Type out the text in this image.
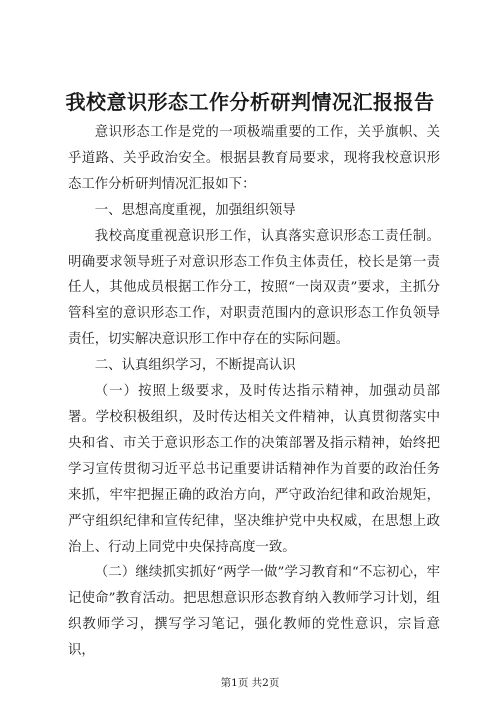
我校意识形态工作分析研判情况汇报报告

意识形态工作是党的一项极端重要的工作，关乎旗帜、关乎道路、关乎政治安全。根据县教育局要求，现将我校意识形态工作分析研判情况汇报如下：

一、思想高度重视，加强组织领导

我校高度重视意识形工作，认真落实意识形态工责任制。明确要求领导班子对意识形态工作负主体责任，校长是第一责任人，其他成员根据工作分工，按照“一岗双责”要求，主抓分管科室的意识形态工作，对职责范围内的意识形态工作负领导责任，切实解决意识形工作中存在的实际问题。

二、认真组织学习，不断提高认识

（一）按照上级要求，及时传达指示精神，加强动员部署。学校积极组织，及时传达相关文件精神，认真贯彻落实中央和省、市关于意识形态工作的决策部署及指示精神，始终把学习宣传贯彻习近平总书记重要讲话精神作为首要的政治任务来抓，牢牢把握正确的政治方向，严守政治纪律和政治规矩，严守组织纪律和宣传纪律，坚决维护党中央权威，在思想上政治上、行动上同党中央保持高度一致。

（二）继续抓实抓好“两学一做”学习教育和“不忘初心，牢记使命”教育活动。把思想意识形态教育纳入教师学习计划，组织教师学习，撰写学习笔记，强化教师的党性意识，宗旨意识，

第1页 共2页
